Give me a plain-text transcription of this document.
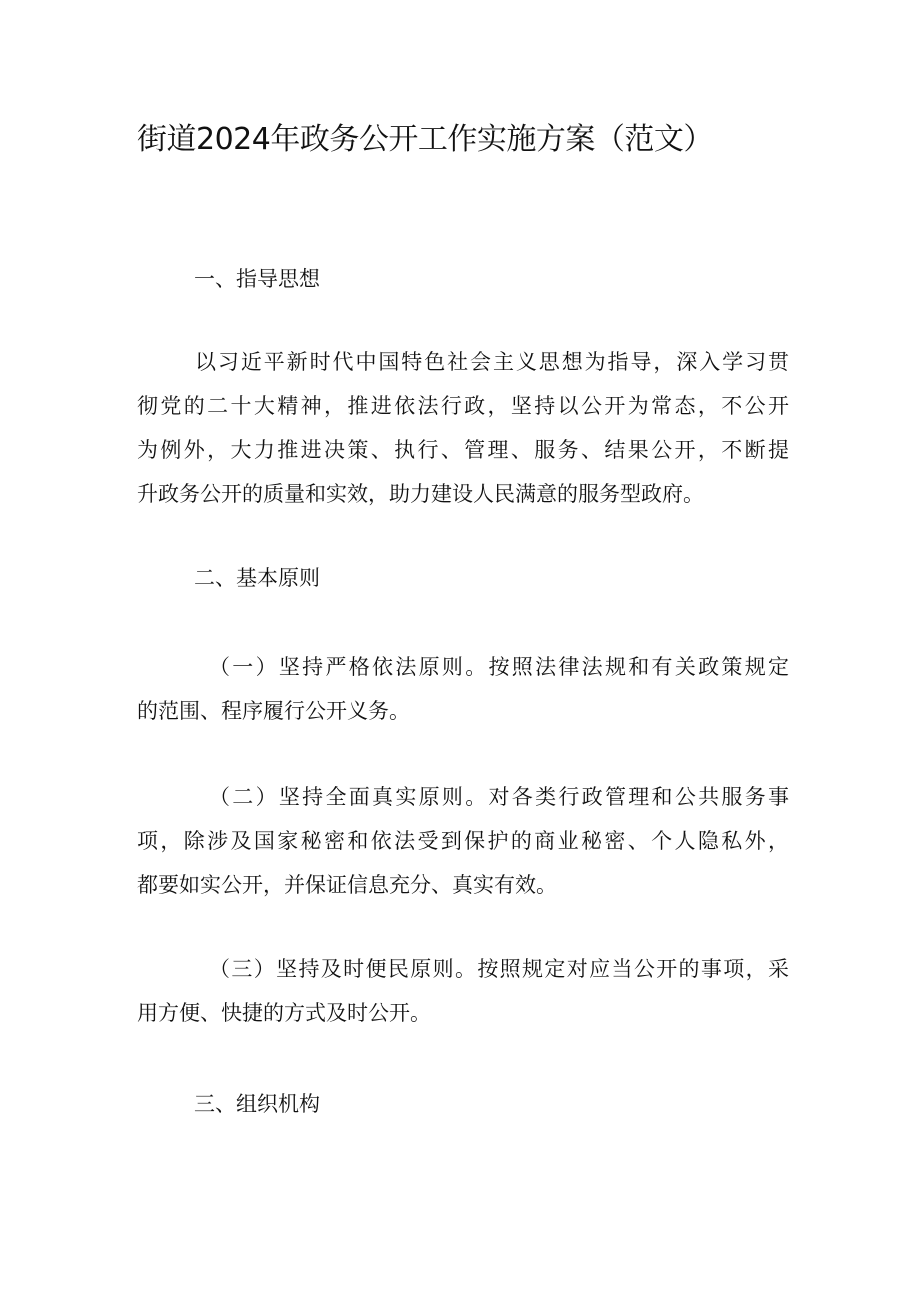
街道2024年政务公开工作实施方案（范文）
一、指导思想
以习近平新时代中国特色社会主义思想为指导，深入学习贯
彻党的二十大精神，推进依法行政，坚持以公开为常态，不公开
为例外，大力推进决策、执行、管理、服务、结果公开，不断提
升政务公开的质量和实效，助力建设人民满意的服务型政府。
二、基本原则
（一）坚持严格依法原则。按照法律法规和有关政策规定
的范围、程序履行公开义务。
（二）坚持全面真实原则。对各类行政管理和公共服务事
项，除涉及国家秘密和依法受到保护的商业秘密、个人隐私外，
都要如实公开，并保证信息充分、真实有效。
（三）坚持及时便民原则。按照规定对应当公开的事项，采
用方便、快捷的方式及时公开。
三、组织机构
